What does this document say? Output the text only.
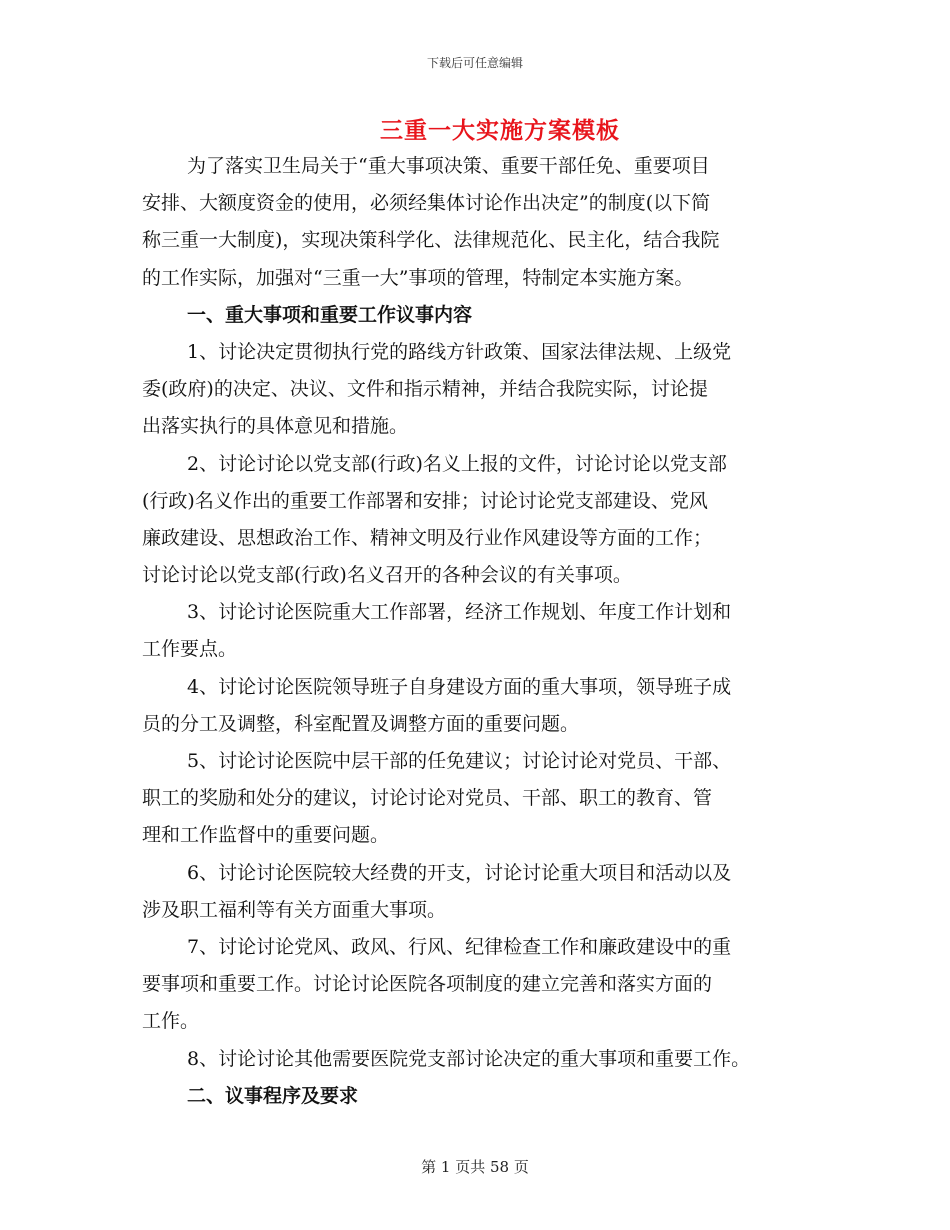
下载后可任意编辑
三重一大实施方案模板
为了落实卫生局关于“重大事项决策、重要干部任免、重要项目
安排、大额度资金的使用，必须经集体讨论作出决定”的制度(以下简
称三重一大制度)，实现决策科学化、法律规范化、民主化，结合我院
的工作实际，加强对“三重一大”事项的管理，特制定本实施方案。
一、重大事项和重要工作议事内容
1、讨论决定贯彻执行党的路线方针政策、国家法律法规、上级党
委(政府)的决定、决议、文件和指示精神，并结合我院实际，讨论提
出落实执行的具体意见和措施。
2、讨论讨论以党支部(行政)名义上报的文件，讨论讨论以党支部
(行政)名义作出的重要工作部署和安排；讨论讨论党支部建设、党风
廉政建设、思想政治工作、精神文明及行业作风建设等方面的工作；
讨论讨论以党支部(行政)名义召开的各种会议的有关事项。
3、讨论讨论医院重大工作部署，经济工作规划、年度工作计划和
工作要点。
4、讨论讨论医院领导班子自身建设方面的重大事项，领导班子成
员的分工及调整，科室配置及调整方面的重要问题。
5、讨论讨论医院中层干部的任免建议；讨论讨论对党员、干部、
职工的奖励和处分的建议，讨论讨论对党员、干部、职工的教育、管
理和工作监督中的重要问题。
6、讨论讨论医院较大经费的开支，讨论讨论重大项目和活动以及
涉及职工福利等有关方面重大事项。
7、讨论讨论党风、政风、行风、纪律检查工作和廉政建设中的重
要事项和重要工作。讨论讨论医院各项制度的建立完善和落实方面的
工作。
8、讨论讨论其他需要医院党支部讨论决定的重大事项和重要工作。
二、议事程序及要求
第 1 页共 58 页
